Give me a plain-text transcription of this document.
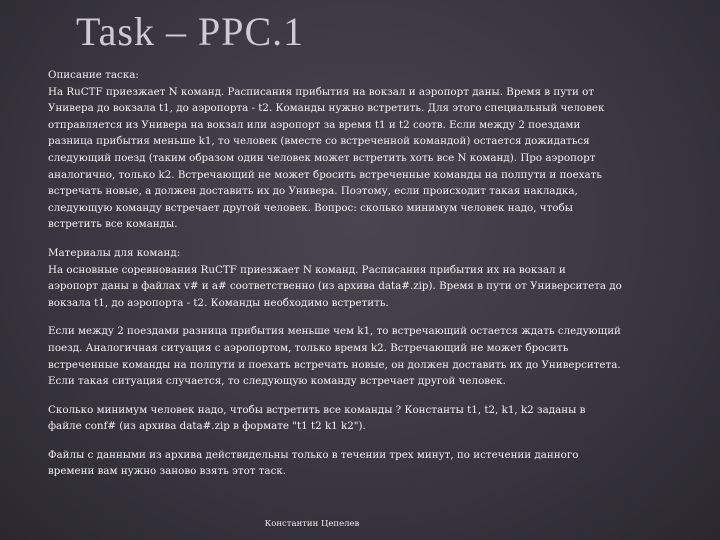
Task – PPC.1
Описание таска:
На RuCTF приезжает N команд. Расписания прибытия на вокзал и аэропорт даны. Время в пути от
Универа до вокзала t1, до аэропорта - t2. Команды нужно встретить. Для этого специальный человек
отправляется из Универа на вокзал или аэропорт за время t1 и t2 соотв. Если между 2 поездами
разница прибытия меньше k1, то человек (вместе со встреченной командой) остается дожидаться
следующий поезд (таким образом один человек может встретить хоть все N команд). Про аэропорт
аналогично, только k2. Встречающий не может бросить встреченные команды на полпути и поехать
встречать новые, а должен доставить их до Универа. Поэтому, если происходит такая накладка,
следующую команду встречает другой человек. Вопрос: сколько минимум человек надо, чтобы
встретить все команды.
Материалы для команд:
На основные соревнования RuCTF приезжает N команд. Расписания прибытия их на вокзал и
аэропорт даны в файлах v# и a# соответственно (из архива data#.zip). Время в пути от Университета до
вокзала t1, до аэропорта - t2. Команды необходимо встретить.
Если между 2 поездами разница прибытия меньше чем k1, то встречающий остается ждать следующий
поезд. Аналогичная ситуация с аэропортом, только время k2. Встречающий не может бросить
встреченные команды на полпути и поехать встречать новые, он должен доставить их до Университета.
Если такая ситуация случается, то следующую команду встречает другой человек.
Сколько минимум человек надо, чтобы встретить все команды ? Константы t1, t2, k1, k2 заданы в
файле conf# (из архива data#.zip в формате "t1 t2 k1 k2").
Файлы с данными из архива действидельны только в течении трех минут, по истечении данного
времени вам нужно заново взять этот таск.
Константин Цепелев
